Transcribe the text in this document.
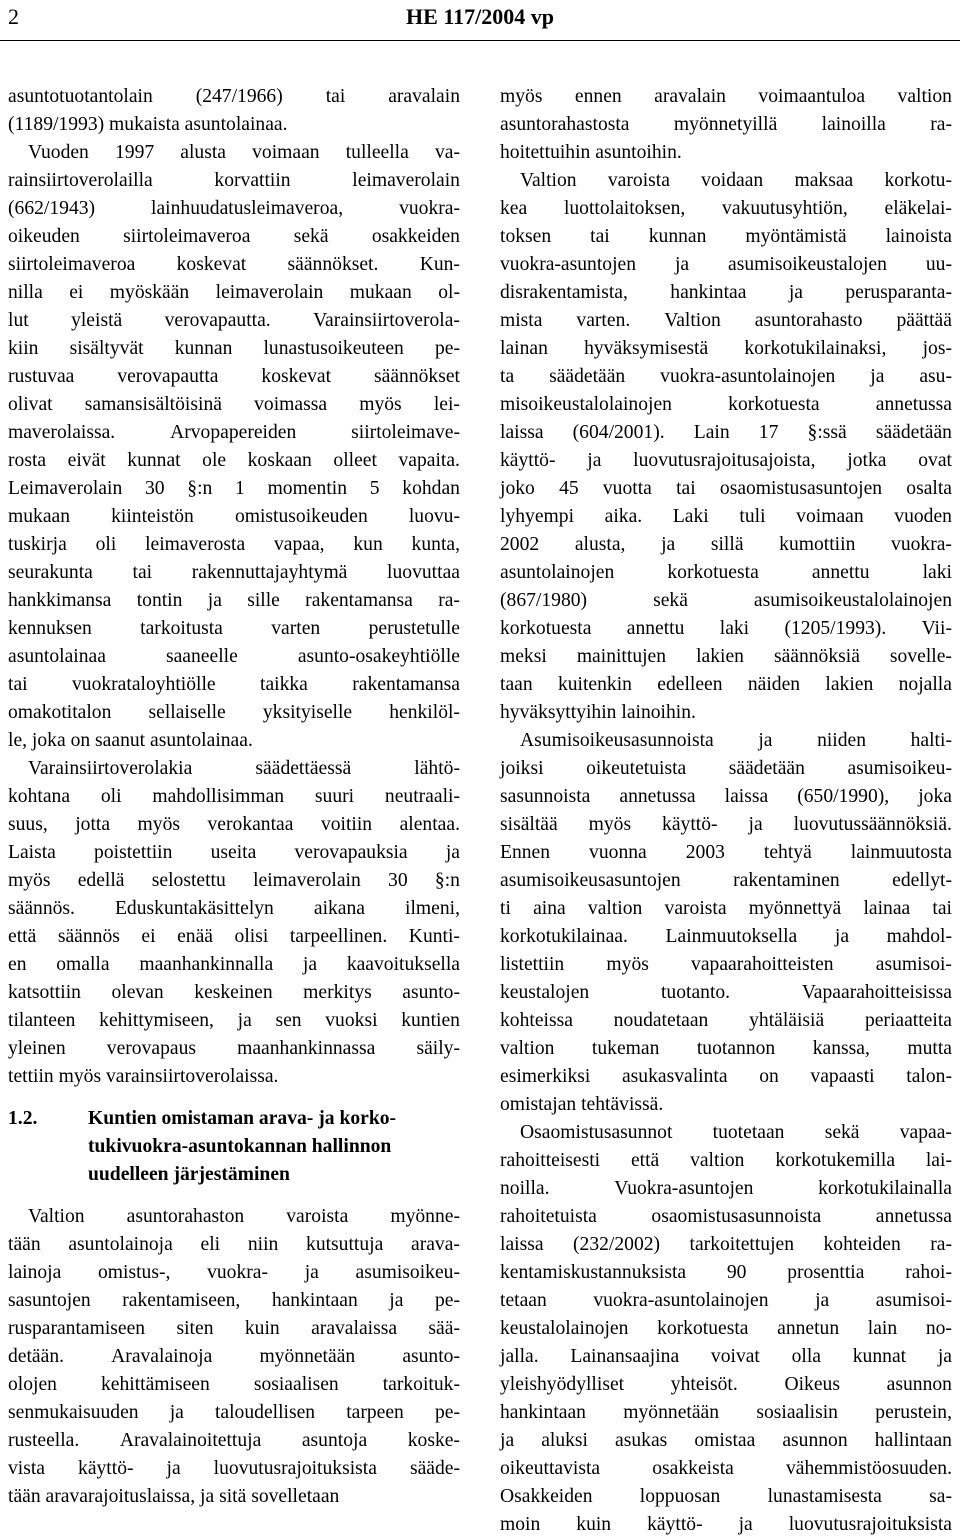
2	HE 117/2004 vp
asuntotuotantolain (247/1966) tai aravalain
(1189/1993) mukaista asuntolainaa.
Vuoden 1997 alusta voimaan tulleella va-
rainsiirtoverolailla	korvattiin	leimaverolain
(662/1943)	lainhuudatusleimaveroa,	vuokra-
oikeuden siirtoleimaveroa sekä osakkeiden
siirtoleimaveroa koskevat säännökset. Kun-
nilla ei myöskään leimaverolain mukaan ol-
lut yleistä verovapautta. Varainsiirtoverola-
kiin sisältyvät kunnan lunastusoikeuteen pe-
rustuvaa verovapautta koskevat säännökset
olivat samansisältöisinä voimassa myös lei-
maverolaissa.	Arvopapereiden	siirtoleimave-
rosta eivät kunnat ole koskaan olleet vapaita.
Leimaverolain 30 §:n 1 momentin 5 kohdan
mukaan kiinteistön omistusoikeuden luovu-
tuskirja oli leimaverosta vapaa, kun kunta,
seurakunta tai rakennuttajayhtymä luovuttaa
hankkimansa tontin ja sille rakentamansa ra-
kennuksen tarkoitusta varten perustetulle
asuntolainaa	saaneelle	asunto-osakeyhtiölle
tai vuokrataloyhtiölle taikka rakentamansa
omakotitalon sellaiselle yksityiselle henkilöl-
le, joka on saanut asuntolainaa.
Varainsiirtoverolakia	säädettäessä	lähtö-
kohtana oli mahdollisimman suuri neutraali-
suus, jotta myös verokantaa voitiin alentaa.
Laista poistettiin useita verovapauksia ja
myös edellä selostettu leimaverolain 30 §:n
säännös. Eduskuntakäsittelyn aikana ilmeni,
että säännös ei enää olisi tarpeellinen. Kunti-
en omalla maanhankinnalla ja kaavoituksella
katsottiin olevan keskeinen merkitys asunto-
tilanteen kehittymiseen, ja sen vuoksi kuntien
yleinen verovapaus maanhankinnassa säily-
tettiin myös varainsiirtoverolaissa.
1.2.	Kuntien omistaman arava- ja korko-
tukivuokra-asuntokannan hallinnon
uudelleen järjestäminen
Valtion asuntorahaston varoista myönne-
tään asuntolainoja eli niin kutsuttuja arava-
lainoja omistus-, vuokra- ja asumisoikeu-
sasuntojen rakentamiseen, hankintaan ja pe-
rusparantamiseen siten kuin aravalaissa sää-
detään. Aravalainoja myönnetään asunto-
olojen kehittämiseen sosiaalisen tarkoituk-
senmukaisuuden ja taloudellisen tarpeen pe-
rusteella. Aravalainoitettuja asuntoja koske-
vista käyttö- ja luovutusrajoituksista sääde-
tään aravarajoituslaissa, ja sitä sovelletaan
myös ennen aravalain voimaantuloa valtion
asuntorahastosta myönnetyillä lainoilla ra-
hoitettuihin asuntoihin.
Valtion varoista voidaan maksaa korkotu-
kea luottolaitoksen, vakuutusyhtiön, eläkelai-
toksen tai kunnan myöntämistä lainoista
vuokra-asuntojen ja asumisoikeustalojen uu-
disrakentamista, hankintaa ja perusparanta-
mista varten. Valtion asuntorahasto päättää
lainan hyväksymisestä korkotukilainaksi, jos-
ta säädetään vuokra-asuntolainojen ja asu-
misoikeustalolainojen	korkotuesta	annetussa
laissa (604/2001). Lain 17 §:ssä säädetään
käyttö- ja luovutusrajoitusajoista, jotka ovat
joko 45 vuotta tai osaomistusasuntojen osalta
lyhyempi aika. Laki tuli voimaan vuoden
2002 alusta, ja sillä kumottiin vuokra-
asuntolainojen	korkotuesta	annettu	laki
(867/1980)	sekä	asumisoikeustalolainojen
korkotuesta annettu laki (1205/1993). Vii-
meksi mainittujen lakien säännöksiä sovelle-
taan kuitenkin edelleen näiden lakien nojalla
hyväksyttyihin lainoihin.
Asumisoikeusasunnoista ja niiden halti-
joiksi oikeutetuista säädetään asumisoikeu-
sasunnoista annetussa laissa (650/1990), joka
sisältää myös käyttö- ja luovutussäännöksiä.
Ennen vuonna 2003 tehtyä lainmuutosta
asumisoikeusasuntojen	rakentaminen	edellyt-
ti aina valtion varoista myönnettyä lainaa tai
korkotukilainaa. Lainmuutoksella ja mahdol-
listettiin myös vapaarahoitteisten asumisoi-
keustalojen	tuotanto.	Vapaarahoitteisissa
kohteissa noudatetaan yhtäläisiä periaatteita
valtion tukeman tuotannon kanssa, mutta
esimerkiksi asukasvalinta on vapaasti talon-
omistajan tehtävissä.
Osaomistusasunnot tuotetaan sekä vapaa-
rahoitteisesti että valtion korkotukemilla lai-
noilla.	Vuokra-asuntojen	korkotukilainalla
rahoitetuista	osaomistusasunnoista	annetussa
laissa (232/2002) tarkoitettujen kohteiden ra-
kentamiskustannuksista 90 prosenttia rahoi-
tetaan vuokra-asuntolainojen ja asumisoi-
keustalolainojen korkotuesta annetun lain no-
jalla. Lainansaajina voivat olla kunnat ja
yleishyödylliset yhteisöt. Oikeus asunnon
hankintaan myönnetään sosiaalisin perustein,
ja aluksi asukas omistaa asunnon hallintaan
oikeuttavista	osakkeista	vähemmistöosuuden.
Osakkeiden loppuosan lunastamisesta sa-
moin kuin käyttö- ja luovutusrajoituksista
